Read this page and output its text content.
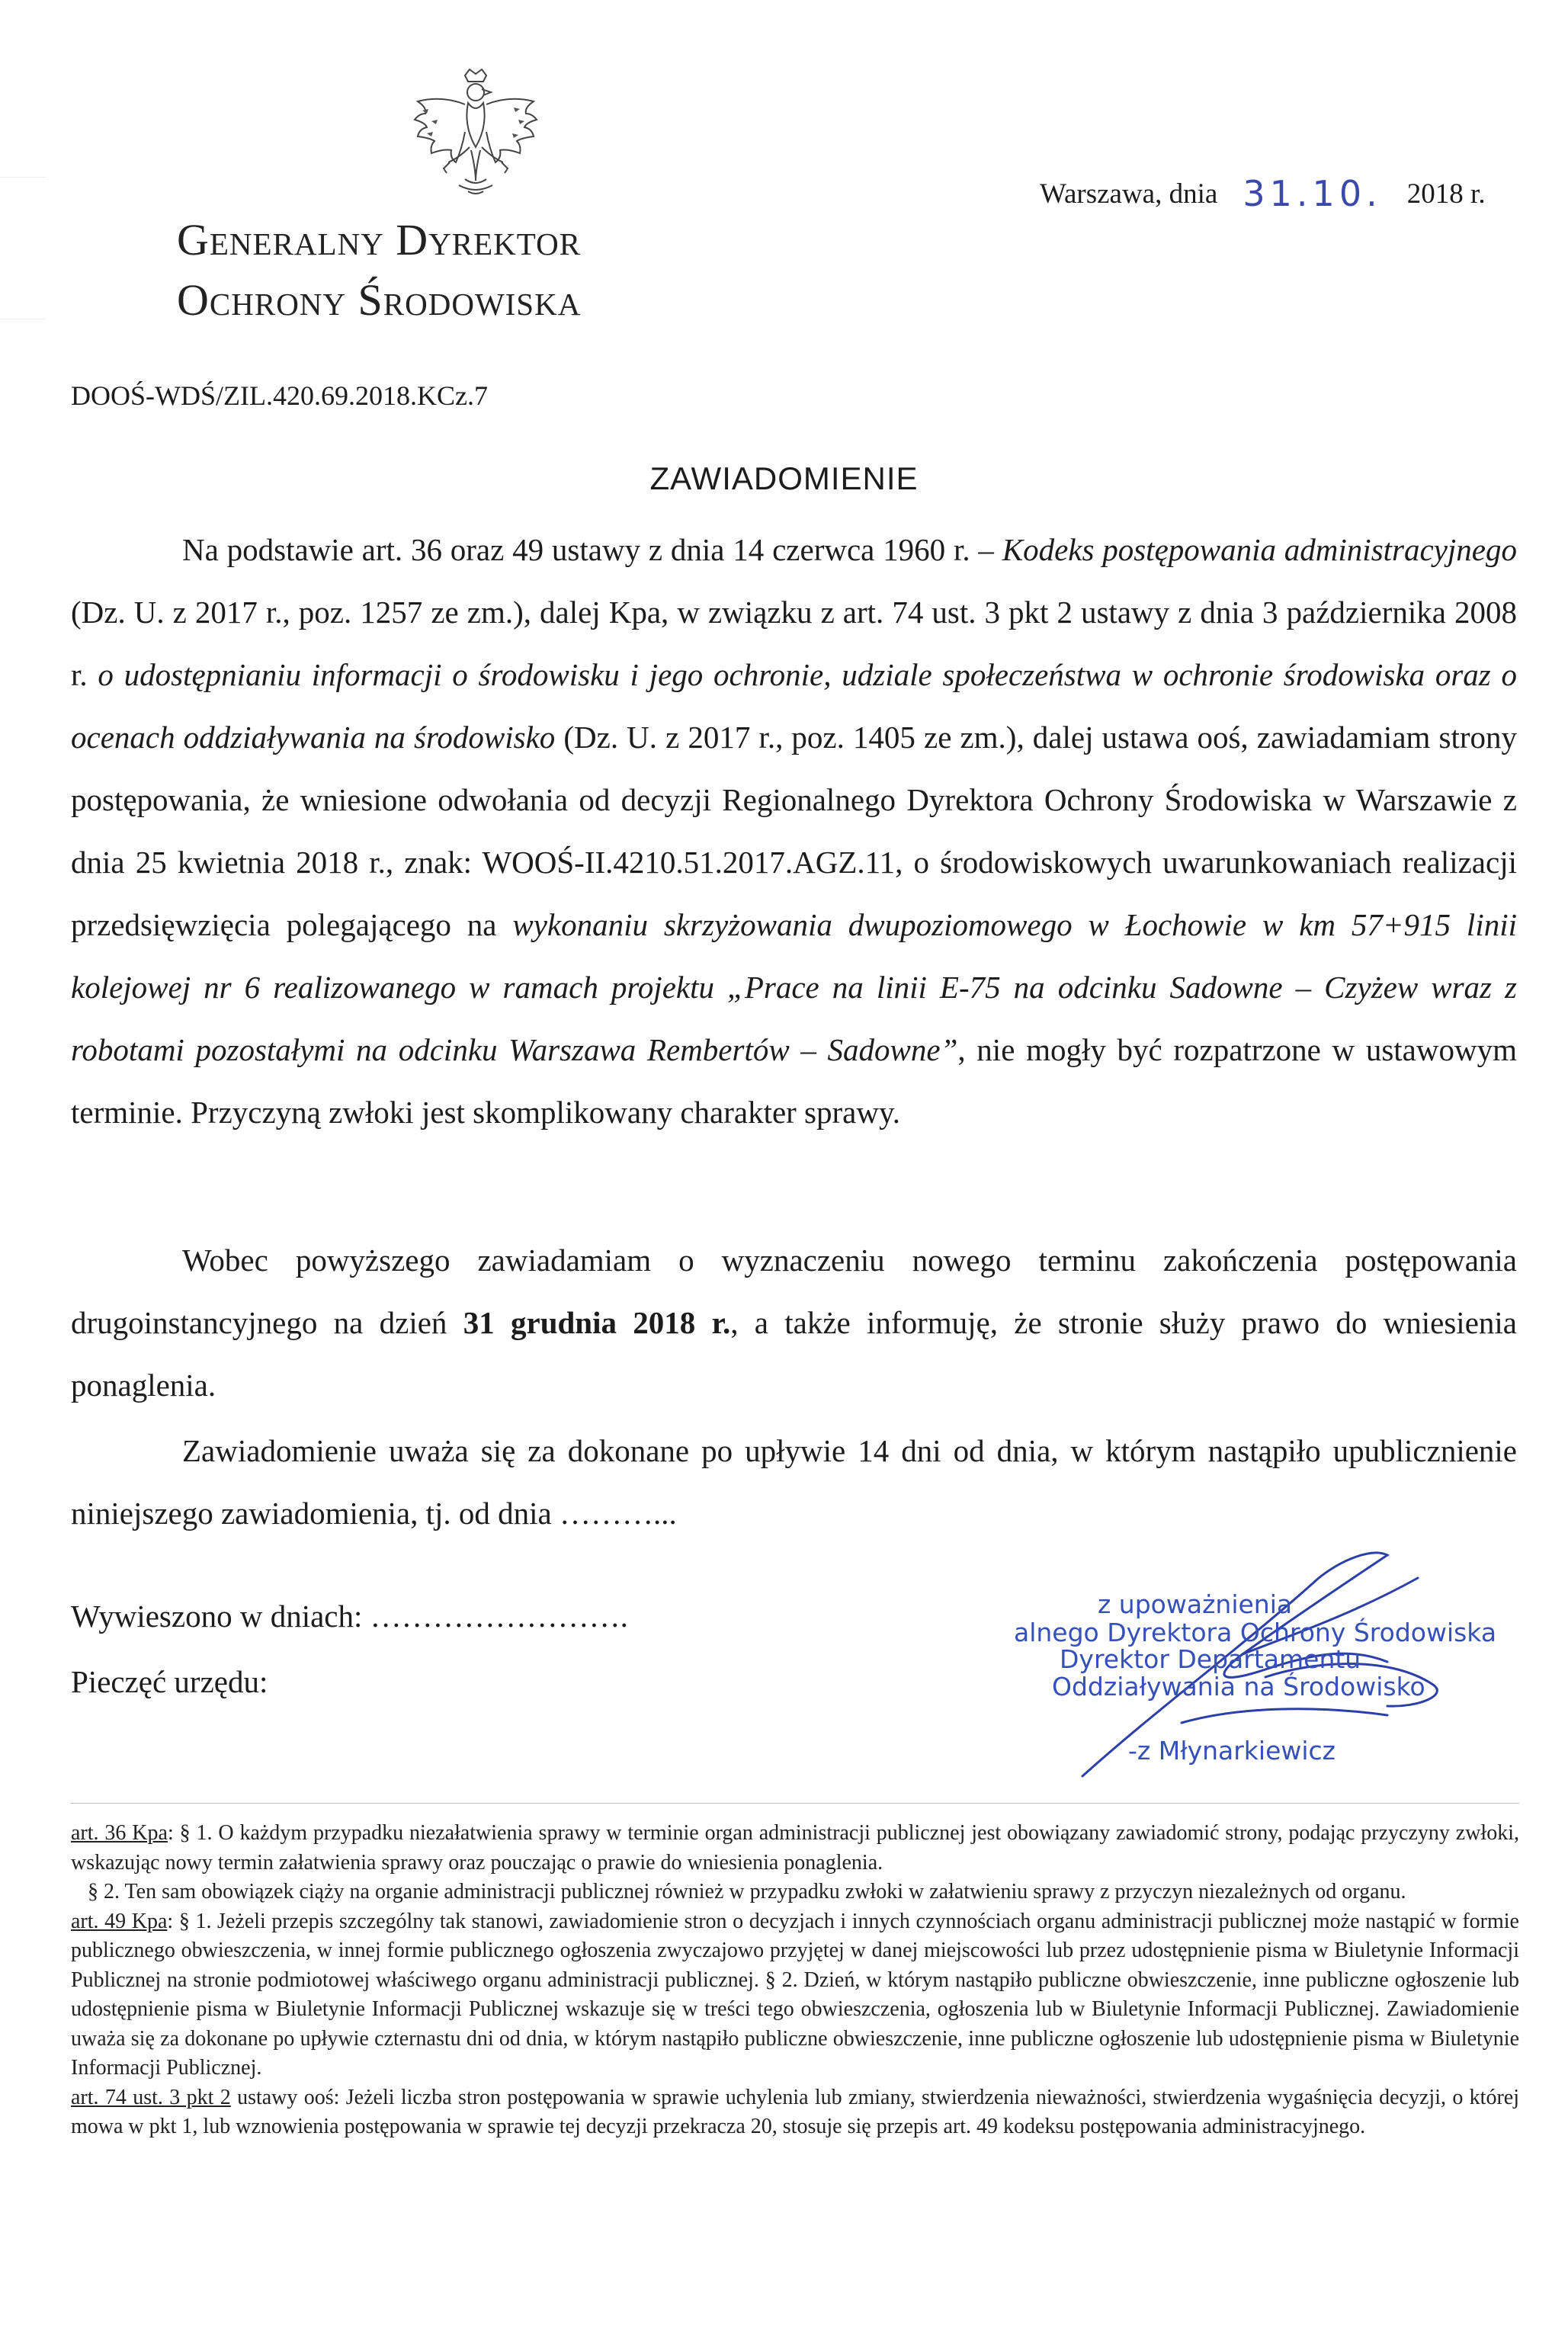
Generalny Dyrektor
Ochrony Środowiska
Warszawa, dnia 31.10. 2018 r.
DOOŚ-WDŚ/ZIL.420.69.2018.KCz.7
ZAWIADOMIENIE
Na podstawie art. 36 oraz 49 ustawy z dnia 14 czerwca 1960 r. – Kodeks postępowania administracyjnego (Dz. U. z 2017 r., poz. 1257 ze zm.), dalej Kpa, w związku z art. 74 ust. 3 pkt 2 ustawy z dnia 3 października 2008 r. o udostępnianiu informacji o środowisku i jego ochronie, udziale społeczeństwa w ochronie środowiska oraz o ocenach oddziaływania na środowisko (Dz. U. z 2017 r., poz. 1405 ze zm.), dalej ustawa ooś, zawiadamiam strony postępowania, że wniesione odwołania od decyzji Regionalnego Dyrektora Ochrony Środowiska w Warszawie z dnia 25 kwietnia 2018 r., znak: WOOŚ-II.4210.51.2017.AGZ.11, o środowiskowych uwarunkowaniach realizacji przedsięwzięcia polegającego na wykonaniu skrzyżowania dwupoziomowego w Łochowie w km 57+915 linii kolejowej nr 6 realizowanego w ramach projektu „Prace na linii E-75 na odcinku Sadowne – Czyżew wraz z robotami pozostałymi na odcinku Warszawa Rembertów – Sadowne”, nie mogły być rozpatrzone w ustawowym terminie. Przyczyną zwłoki jest skomplikowany charakter sprawy.
Wobec powyższego zawiadamiam o wyznaczeniu nowego terminu zakończenia postępowania drugoinstancyjnego na dzień 31 grudnia 2018 r., a także informuję, że stronie służy prawo do wniesienia ponaglenia.
Zawiadomienie uważa się za dokonane po upływie 14 dni od dnia, w którym nastąpiło upublicznienie niniejszego zawiadomienia, tj. od dnia ………...
Wywieszono w dniach: …………………….
Pieczęć urzędu:
z upoważnienia
alnego Dyrektora Ochrony Środowiska
Dyrektor Departamentu
Oddziaływania na Środowisko
-z Młynarkiewicz

art. 36 Kpa: § 1. O każdym przypadku niezałatwienia sprawy w terminie organ administracji publicznej jest obowiązany zawiadomić strony, podając przyczyny zwłoki, wskazując nowy termin załatwienia sprawy oraz pouczając o prawie do wniesienia ponaglenia.

§ 2. Ten sam obowiązek ciąży na organie administracji publicznej również w przypadku zwłoki w załatwieniu sprawy z przyczyn niezależnych od organu.

art. 49 Kpa: § 1. Jeżeli przepis szczególny tak stanowi, zawiadomienie stron o decyzjach i innych czynnościach organu administracji publicznej może nastąpić w formie publicznego obwieszczenia, w innej formie publicznego ogłoszenia zwyczajowo przyjętej w danej miejscowości lub przez udostępnienie pisma w Biuletynie Informacji Publicznej na stronie podmiotowej właściwego organu administracji publicznej. § 2. Dzień, w którym nastąpiło publiczne obwieszczenie, inne publiczne ogłoszenie lub udostępnienie pisma w Biuletynie Informacji Publicznej wskazuje się w treści tego obwieszczenia, ogłoszenia lub w Biuletynie Informacji Publicznej. Zawiadomienie uważa się za dokonane po upływie czternastu dni od dnia, w którym nastąpiło publiczne obwieszczenie, inne publiczne ogłoszenie lub udostępnienie pisma w Biuletynie Informacji Publicznej.

art. 74 ust. 3 pkt 2 ustawy ooś: Jeżeli liczba stron postępowania w sprawie uchylenia lub zmiany, stwierdzenia nieważności, stwierdzenia wygaśnięcia decyzji, o której mowa w pkt 1, lub wznowienia postępowania w sprawie tej decyzji przekracza 20, stosuje się przepis art. 49 kodeksu postępowania administracyjnego.
